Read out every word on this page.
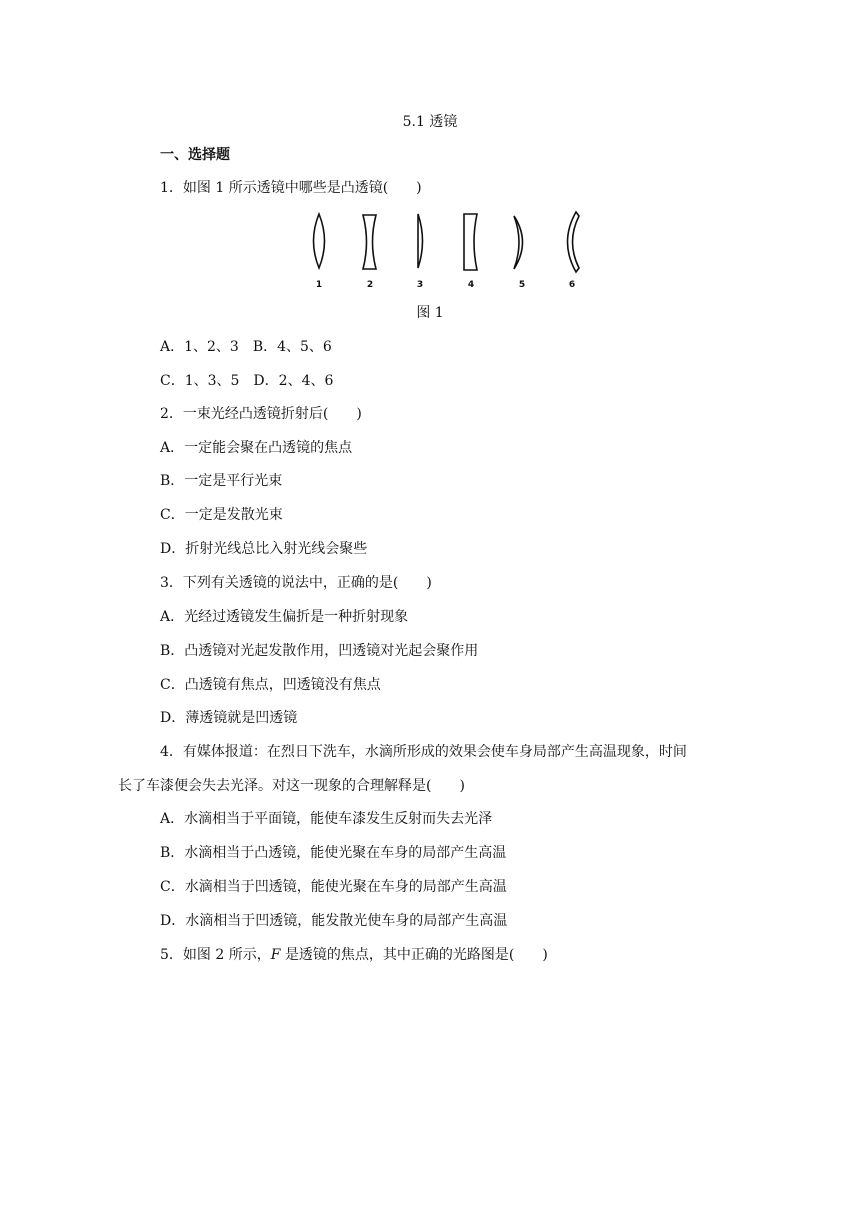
5.1 透镜
一、选择题
1．如图 1 所示透镜中哪些是凸透镜(　　)
1	2	3	4	5	6
图 1
A．1、2、3　B．4、5、6
C．1、3、5　D．2、4、6
2．一束光经凸透镜折射后(　　)
A．一定能会聚在凸透镜的焦点
B．一定是平行光束
C．一定是发散光束
D．折射光线总比入射光线会聚些
3．下列有关透镜的说法中，正确的是(　　)
A．光经过透镜发生偏折是一种折射现象
B．凸透镜对光起发散作用，凹透镜对光起会聚作用
C．凸透镜有焦点，凹透镜没有焦点
D．薄透镜就是凹透镜
4．有媒体报道：在烈日下洗车，水滴所形成的效果会使车身局部产生高温现象，时间
长了车漆便会失去光泽。对这一现象的合理解释是(　　)
A．水滴相当于平面镜，能使车漆发生反射而失去光泽
B．水滴相当于凸透镜，能使光聚在车身的局部产生高温
C．水滴相当于凹透镜，能使光聚在车身的局部产生高温
D．水滴相当于凹透镜，能发散光使车身的局部产生高温
5．如图 2 所示，F 是透镜的焦点，其中正确的光路图是(　　)
